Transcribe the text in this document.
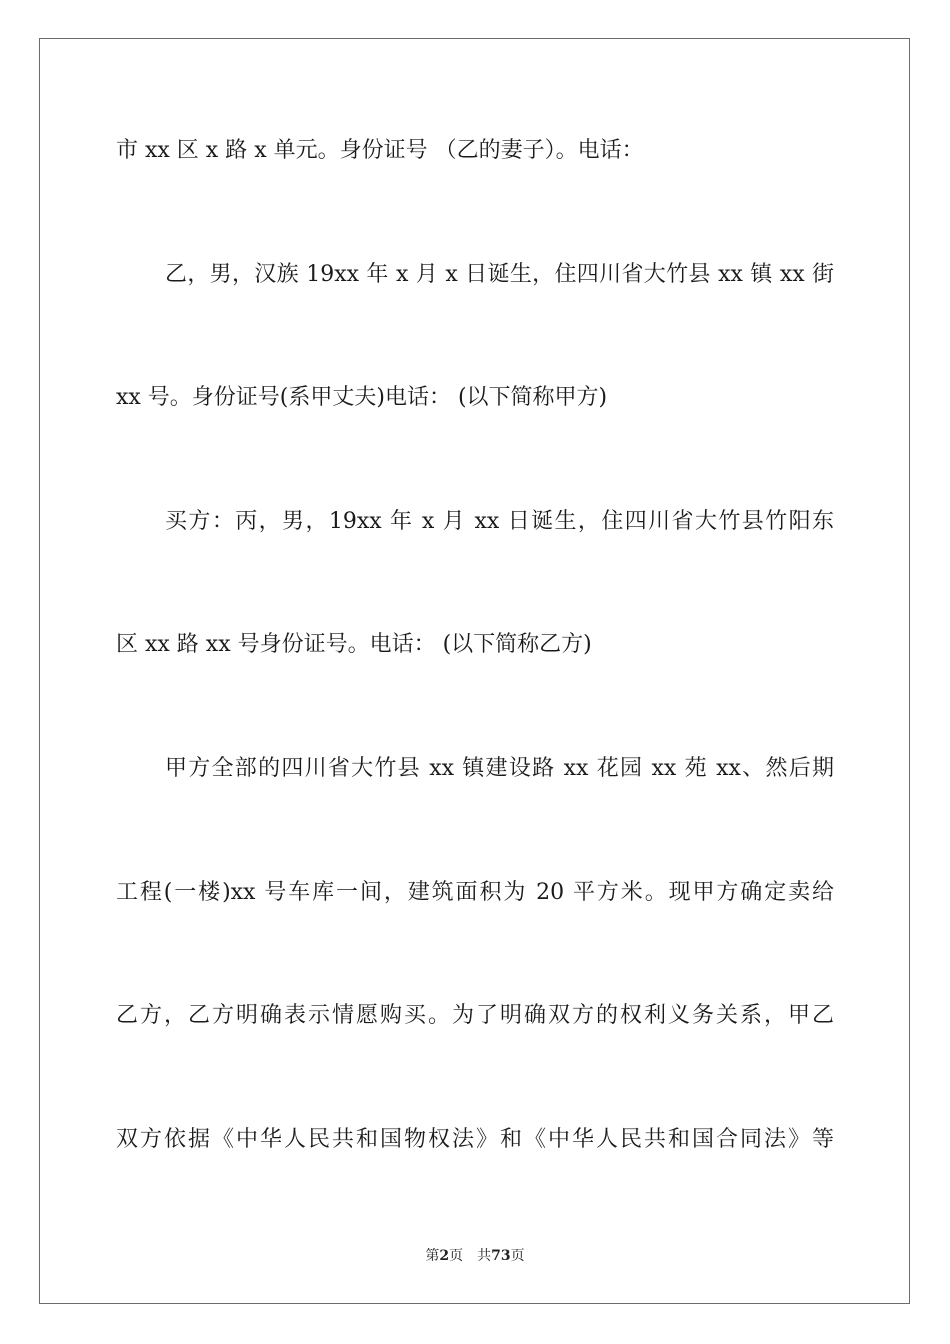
市 xx 区 x 路 x 单元。身份证号 （乙的妻子）。电话：
乙，男，汉族 19xx 年 x 月 x 日诞生，住四川省大竹县 xx 镇 xx 街
xx 号。身份证号(系甲丈夫)电话： (以下简称甲方)
买方：丙，男，19xx 年 x 月 xx 日诞生，住四川省大竹县竹阳东
区 xx 路 xx 号身份证号。电话： (以下简称乙方)
甲方全部的四川省大竹县 xx 镇建设路 xx 花园 xx 苑 xx、然后期
工程(一楼)xx 号车库一间，建筑面积为 20 平方米。现甲方确定卖给
乙方，乙方明确表示情愿购买。为了明确双方的权利义务关系，甲乙
双方依据《中华人民共和国物权法》和《中华人民共和国合同法》等
第2页 共73页
